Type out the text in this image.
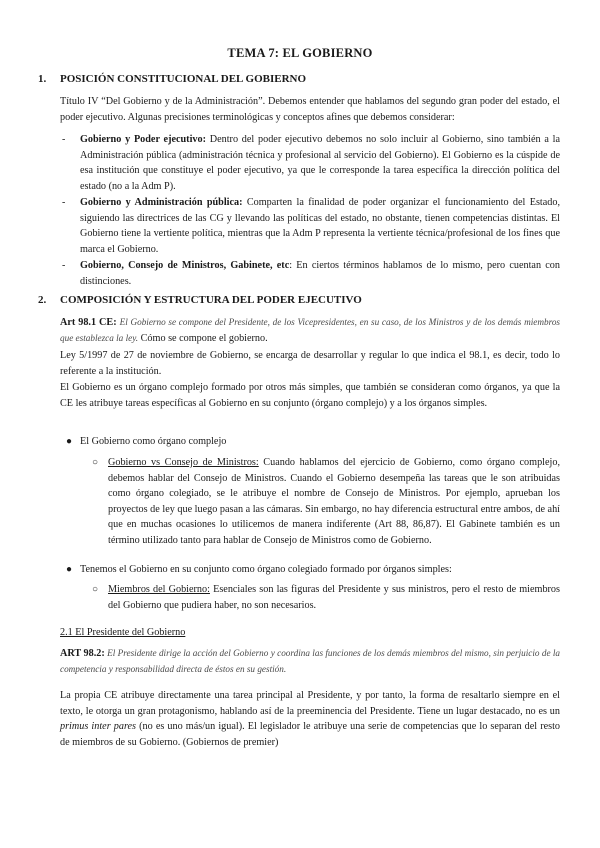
TEMA 7: EL GOBIERNO
1. POSICIÓN CONSTITUCIONAL DEL GOBIERNO
Título IV “Del Gobierno y de la Administración”. Debemos entender que hablamos del segundo gran poder del estado, el poder ejecutivo. Algunas precisiones terminológicas y conceptos afines que debemos considerar:
- Gobierno y Poder ejecutivo: Dentro del poder ejecutivo debemos no solo incluir al Gobierno, sino también a la Administración pública (administración técnica y profesional al servicio del Gobierno). El Gobierno es la cúspide de esa institución que constituye el poder ejecutivo, ya que le corresponde la tarea específica la dirección política del estado (no a la Adm P).
- Gobierno y Administración pública: Comparten la finalidad de poder organizar el funcionamiento del Estado, siguiendo las directrices de las CG y llevando las políticas del estado, no obstante, tienen competencias distintas. El Gobierno tiene la vertiente política, mientras que la Adm P representa la vertiente técnica/profesional de los fines que marca el Gobierno.
- Gobierno, Consejo de Ministros, Gabinete, etc: En ciertos términos hablamos de lo mismo, pero cuentan con distinciones.
2. COMPOSICIÓN Y ESTRUCTURA DEL PODER EJECUTIVO
Art 98.1 CE: El Gobierno se compone del Presidente, de los Vicepresidentes, en su caso, de los Ministros y de los demás miembros que establezca la ley. Cómo se compone el gobierno.
Ley 5/1997 de 27 de noviembre de Gobierno, se encarga de desarrollar y regular lo que indica el 98.1, es decir, todo lo referente a la institución.
El Gobierno es un órgano complejo formado por otros más simples, que también se consideran como órganos, ya que la CE les atribuye tareas específicas al Gobierno en su conjunto (órgano complejo) y a los órganos simples.
● El Gobierno como órgano complejo
○ Gobierno vs Consejo de Ministros: Cuando hablamos del ejercicio de Gobierno, como órgano complejo, debemos hablar del Consejo de Ministros. Cuando el Gobierno desempeña las tareas que le son atribuidas como órgano colegiado, se le atribuye el nombre de Consejo de Ministros. Por ejemplo, aprueban los proyectos de ley que luego pasan a las cámaras. Sin embargo, no hay diferencia estructural entre ambos, de ahí que en muchas ocasiones lo utilicemos de manera indiferente (Art 88, 86,87). El Gabinete también es un término utilizado tanto para hablar de Consejo de Ministros como de Gobierno.
● Tenemos el Gobierno en su conjunto como órgano colegiado formado por órganos simples:
○ Miembros del Gobierno: Esenciales son las figuras del Presidente y sus ministros, pero el resto de miembros del Gobierno que pudiera haber, no son necesarios.
2.1 El Presidente del Gobierno
ART 98.2: El Presidente dirige la acción del Gobierno y coordina las funciones de los demás miembros del mismo, sin perjuicio de la competencia y responsabilidad directa de éstos en su gestión.
La propia CE atribuye directamente una tarea principal al Presidente, y por tanto, la forma de resaltarlo siempre en el texto, le otorga un gran protagonismo, hablando así de la preeminencia del Presidente. Tiene un lugar destacado, no es un primus inter pares (no es uno más/un igual). El legislador le atribuye una serie de competencias que lo separan del resto de miembros de su Gobierno. (Gobiernos de premier)
